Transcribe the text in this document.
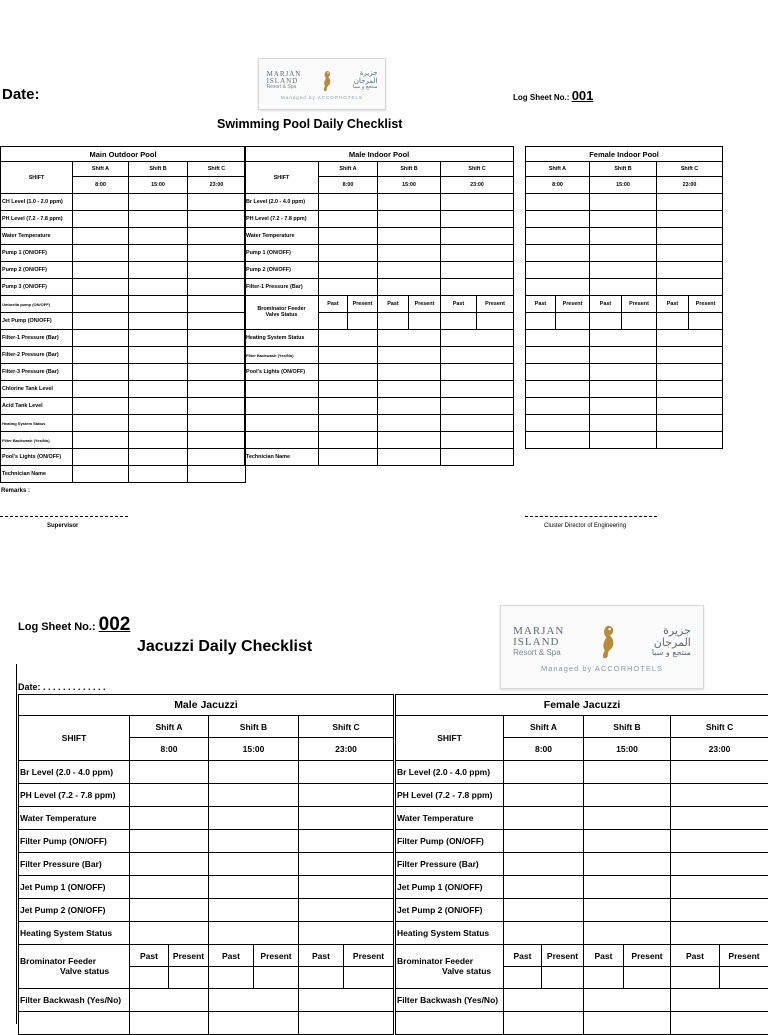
Date:
MARJAN
ISLAND
Resort & Spa
جزيرة
المرجان
منتجع و سبا
Managed by ACCORHOTELS	Log Sheet No.: 001
Swimming Pool Daily Checklist
Main Outdoor Pool			
SHIFT	Shift A	Shift B	Shift C
	8:00	15:00	23:00
CH Level (1.0 - 2.0 ppm)			
PH Level (7.2 - 7.8 ppm)			
Water Temperature			
Pump 1 (ON/OFF)			
Pump 2 (ON/OFF)			
Pump 3 (ON/OFF)			
Umbrella pump (ON/OFF)			
Jet Pump (ON/OFF)			
Filter-1 Pressure (Bar)			
Filter-2 Pressure (Bar)			
Filter-3 Pressure (Bar)			
Chlorine Tank Level			
Acid Tank Level			
Heating System Status			
Filter Backwash (Yes/No)			
Pool's Lights (ON/OFF)			
Technician Name			
Male Indoor Pool						
SHIFT	Shift A		Shift B		Shift C	
	8:00		15:00		23:00	
Br Level (2.0 - 4.0 ppm)						
PH Level (7.2 - 7.8 ppm)						
Water Temperature						
Pump 1 (ON/OFF)						
Pump 2 (ON/OFF)						
Filter-1 Pressure (Bar)						

Brominator Feeder
Valve Status	Past	Present	Past	Present	Past	Present

Heating System Status						
Filter Backwash (Yes/No)						
Pool's Lights (ON/OFF)						

Technician Name						
Female Indoor Pool					
Shift A		Shift B		Shift C	
8:00		15:00		23:00	

Past	Present	Past	Present	Past	Present

Remarks :
Supervisor	Cluster Director of Engineering
Log Sheet No.: 002
Jacuzzi Daily Checklist
MARJAN
ISLAND
Resort & Spa
جزيرة
المرجان
منتجع و سبا
Managed by ACCORHOTELS
Date: . . . . . . . . . . . . .
Male Jacuzzi						
SHIFT	Shift A		Shift B		Shift C	
	8:00		15:00		23:00	
Br Level (2.0 - 4.0 ppm)						
PH Level (7.2 - 7.8 ppm)						
Water Temperature						
Filter Pump (ON/OFF)						
Filter Pressure (Bar)						
Jet Pump 1 (ON/OFF)						
Jet Pump 2 (ON/OFF)						
Heating System Status						

Brominator Feeder
Valve status	Past	Present	Past	Present	Past	Present

Filter Backwash (Yes/No)						

Female Jacuzzi						
SHIFT	Shift A		Shift B		Shift C	
	8:00		15:00		23:00	
Br Level (2.0 - 4.0 ppm)						
PH Level (7.2 - 7.8 ppm)						
Water Temperature						
Filter Pump (ON/OFF)						
Filter Pressure (Bar)						
Jet Pump 1 (ON/OFF)						
Jet Pump 2 (ON/OFF)						
Heating System Status						

Brominator Feeder
Valve status	Past	Present	Past	Present	Past	Present

Filter Backwash (Yes/No)						
